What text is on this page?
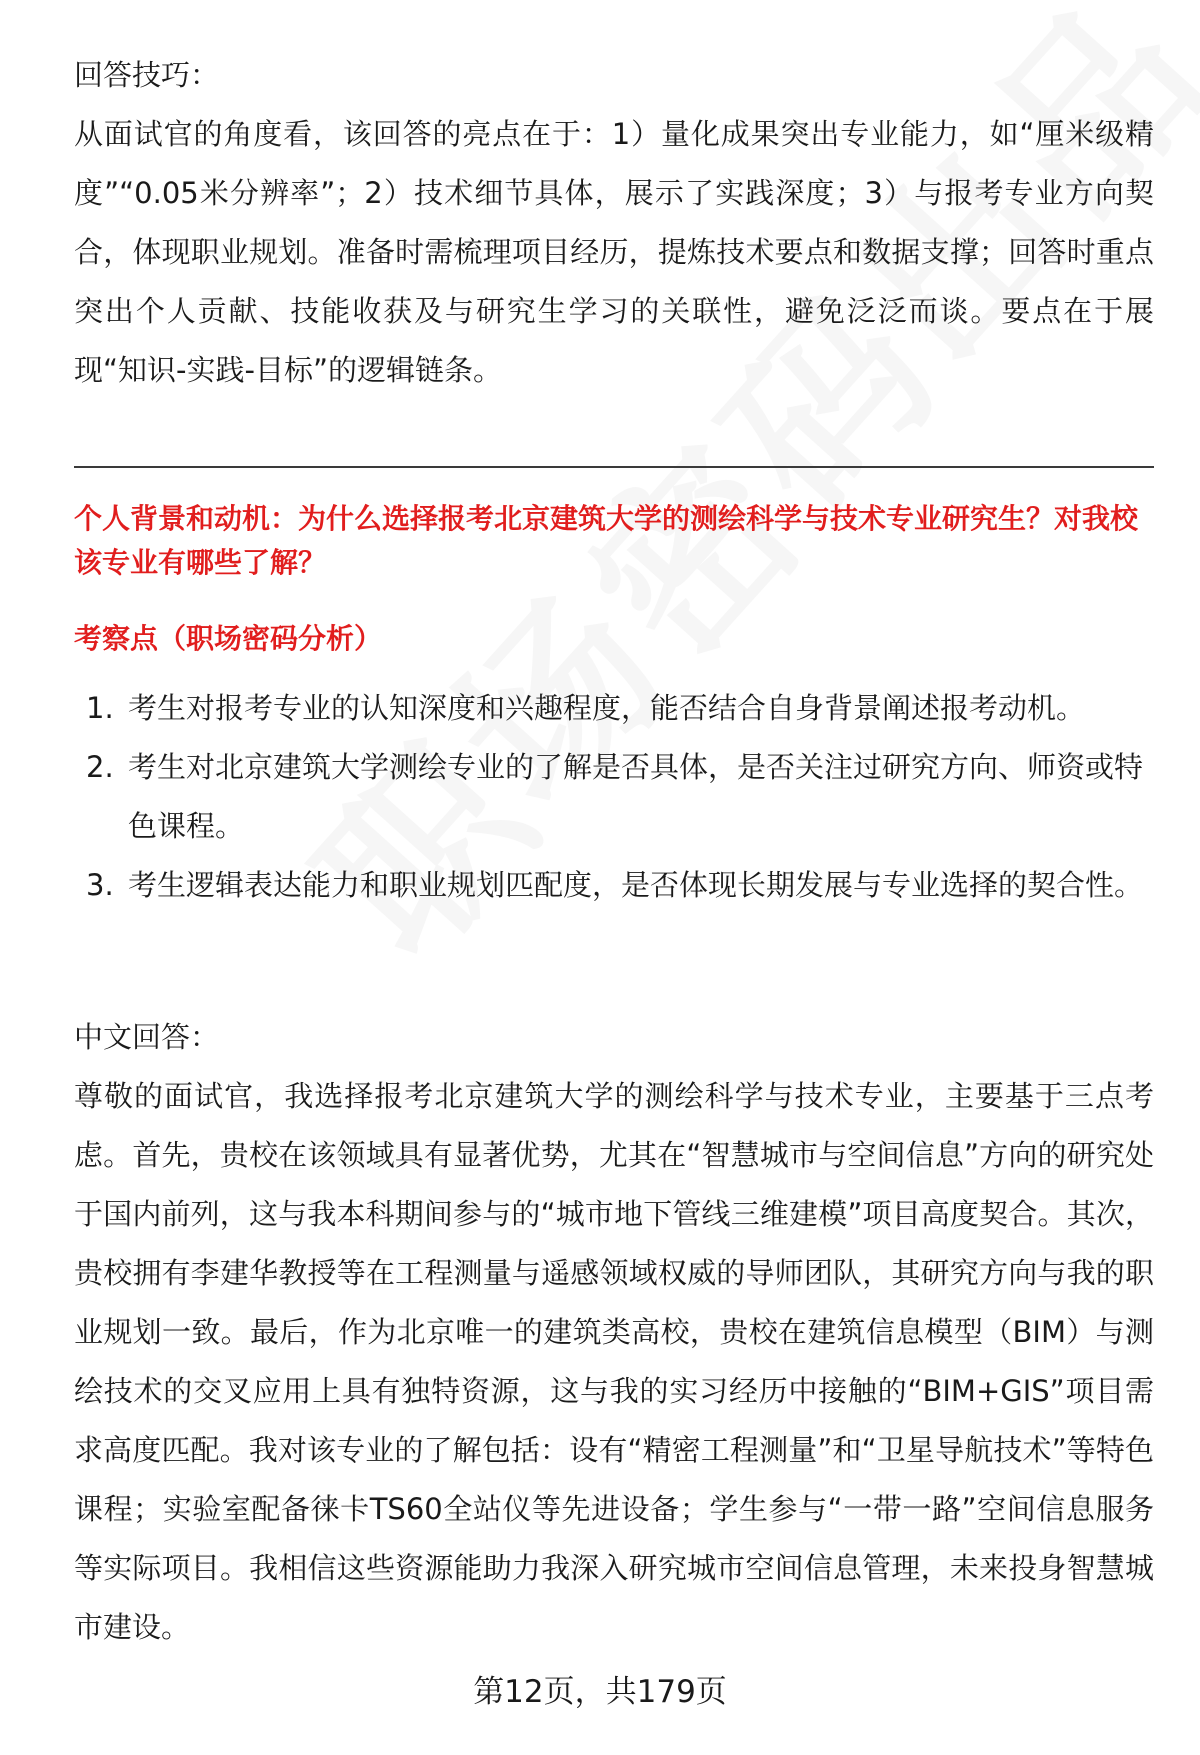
回答技巧：

从面试官的角度看，该回答的亮点在于：1）量化成果突出专业能力，如“厘米级精度”“0.05米分辨率”；2）技术细节具体，展示了实践深度；3）与报考专业方向契合，体现职业规划。准备时需梳理项目经历，提炼技术要点和数据支撑；回答时重点突出个人贡献、技能收获及与研究生学习的关联性，避免泛泛而谈。要点在于展现“知识-实践-目标”的逻辑链条。

个人背景和动机：为什么选择报考北京建筑大学的测绘科学与技术专业研究生？对我校该专业有哪些了解？

考察点（职场密码分析）

1. 考生对报考专业的认知深度和兴趣程度，能否结合自身背景阐述报考动机。
2. 考生对北京建筑大学测绘专业的了解是否具体，是否关注过研究方向、师资或特色课程。
3. 考生逻辑表达能力和职业规划匹配度，是否体现长期发展与专业选择的契合性。

中文回答：

尊敬的面试官，我选择报考北京建筑大学的测绘科学与技术专业，主要基于三点考虑。首先，贵校在该领域具有显著优势，尤其在“智慧城市与空间信息”方向的研究处于国内前列，这与我本科期间参与的“城市地下管线三维建模”项目高度契合。其次，贵校拥有李建华教授等在工程测量与遥感领域权威的导师团队，其研究方向与我的职业规划一致。最后，作为北京唯一的建筑类高校，贵校在建筑信息模型（BIM）与测绘技术的交叉应用上具有独特资源，这与我的实习经历中接触的“BIM+GIS”项目需求高度匹配。我对该专业的了解包括：设有“精密工程测量”和“卫星导航技术”等特色课程；实验室配备徕卡TS60全站仪等先进设备；学生参与“一带一路”空间信息服务等实际项目。我相信这些资源能助力我深入研究城市空间信息管理，未来投身智慧城市建设。

第12页，共179页
